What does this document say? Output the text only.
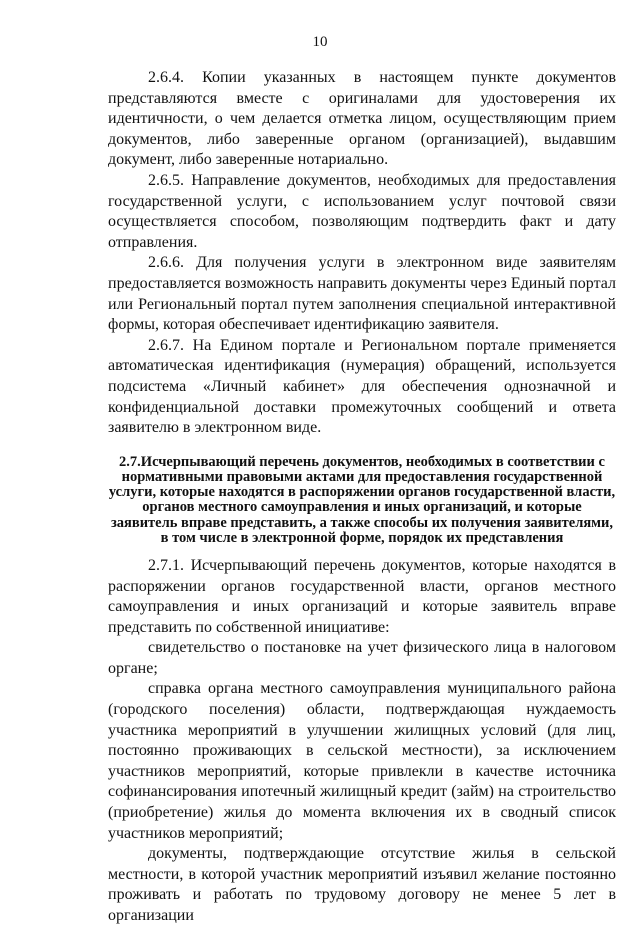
10

2.6.4. Копии указанных в настоящем пункте документов представляются вместе с оригиналами для удостоверения их идентичности, о чем делается отметка лицом, осуществляющим прием документов, либо заверенные органом (организацией), выдавшим документ, либо заверенные нотариально.

2.6.5. Направление документов, необходимых для предоставления государственной услуги, с использованием услуг почтовой связи осуществляется способом, позволяющим подтвердить факт и дату отправления.

2.6.6. Для получения услуги в электронном виде заявителям предоставляется возможность направить документы через Единый портал или Региональный портал путем заполнения специальной интерактивной формы, которая обеспечивает идентификацию заявителя.

2.6.7. На Едином портале и Региональном портале применяется автоматическая идентификация (нумерация) обращений, используется подсистема «Личный кабинет» для обеспечения однозначной и конфиденциальной доставки промежуточных сообщений и ответа заявителю в электронном виде.

2.7.Исчерпывающий перечень документов, необходимых в соответствии с нормативными правовыми актами для предоставления государственной услуги, которые находятся в распоряжении органов государственной власти, органов местного самоуправления и иных организаций, и которые заявитель вправе представить, а также способы их получения заявителями, в том числе в электронной форме, порядок их представления

2.7.1. Исчерпывающий перечень документов, которые находятся в распоряжении органов государственной власти, органов местного самоуправления и иных организаций и которые заявитель вправе представить по собственной инициативе:

свидетельство о постановке на учет физического лица в налоговом органе;

справка органа местного самоуправления муниципального района (городского поселения) области, подтверждающая нуждаемость участника мероприятий в улучшении жилищных условий (для лиц, постоянно проживающих в сельской местности), за исключением участников мероприятий, которые привлекли в качестве источника софинансирования ипотечный жилищный кредит (займ) на строительство (приобретение) жилья до момента включения их в сводный список участников мероприятий;

документы, подтверждающие отсутствие жилья в сельской местности, в которой участник мероприятий изъявил желание постоянно проживать и работать по трудовому договору не менее 5 лет в организации
